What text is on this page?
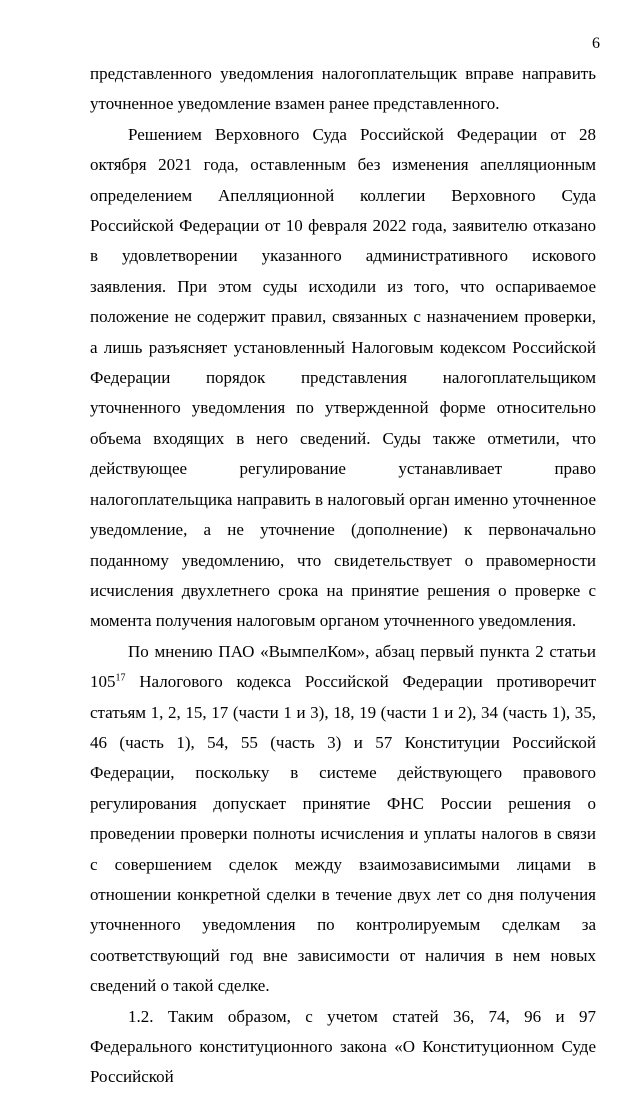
6

представленного уведомления налогоплательщик вправе направить уточненное уведомление взамен ранее представленного.

Решением Верховного Суда Российской Федерации от 28 октября 2021 года, оставленным без изменения апелляционным определением Апелляционной коллегии Верховного Суда Российской Федерации от 10 февраля 2022 года, заявителю отказано в удовлетворении указанного административного искового заявления. При этом суды исходили из того, что оспариваемое положение не содержит правил, связанных с назначением проверки, а лишь разъясняет установленный Налоговым кодексом Российской Федерации порядок представления налогоплательщиком уточненного уведомления по утвержденной форме относительно объема входящих в него сведений. Суды также отметили, что действующее регулирование устанавливает право налогоплательщика направить в налоговый орган именно уточненное уведомление, а не уточнение (дополнение) к первоначально поданному уведомлению, что свидетельствует о правомерности исчисления двухлетнего срока на принятие решения о проверке с момента получения налоговым органом уточненного уведомления.

По мнению ПАО «ВымпелКом», абзац первый пункта 2 статьи $105^{17}$ Налогового кодекса Российской Федерации противоречит статьям 1, 2, 15, 17 (части 1 и 3), 18, 19 (части 1 и 2), 34 (часть 1), 35, 46 (часть 1), 54, 55 (часть 3) и 57 Конституции Российской Федерации, поскольку в системе действующего правового регулирования допускает принятие ФНС России решения о проведении проверки полноты исчисления и уплаты налогов в связи с совершением сделок между взаимозависимыми лицами в отношении конкретной сделки в течение двух лет со дня получения уточненного уведомления по контролируемым сделкам за соответствующий год вне зависимости от наличия в нем новых сведений о такой сделке.

1.2. Таким образом, с учетом статей 36, 74, 96 и 97 Федерального конституционного закона «О Конституционном Суде Российской
